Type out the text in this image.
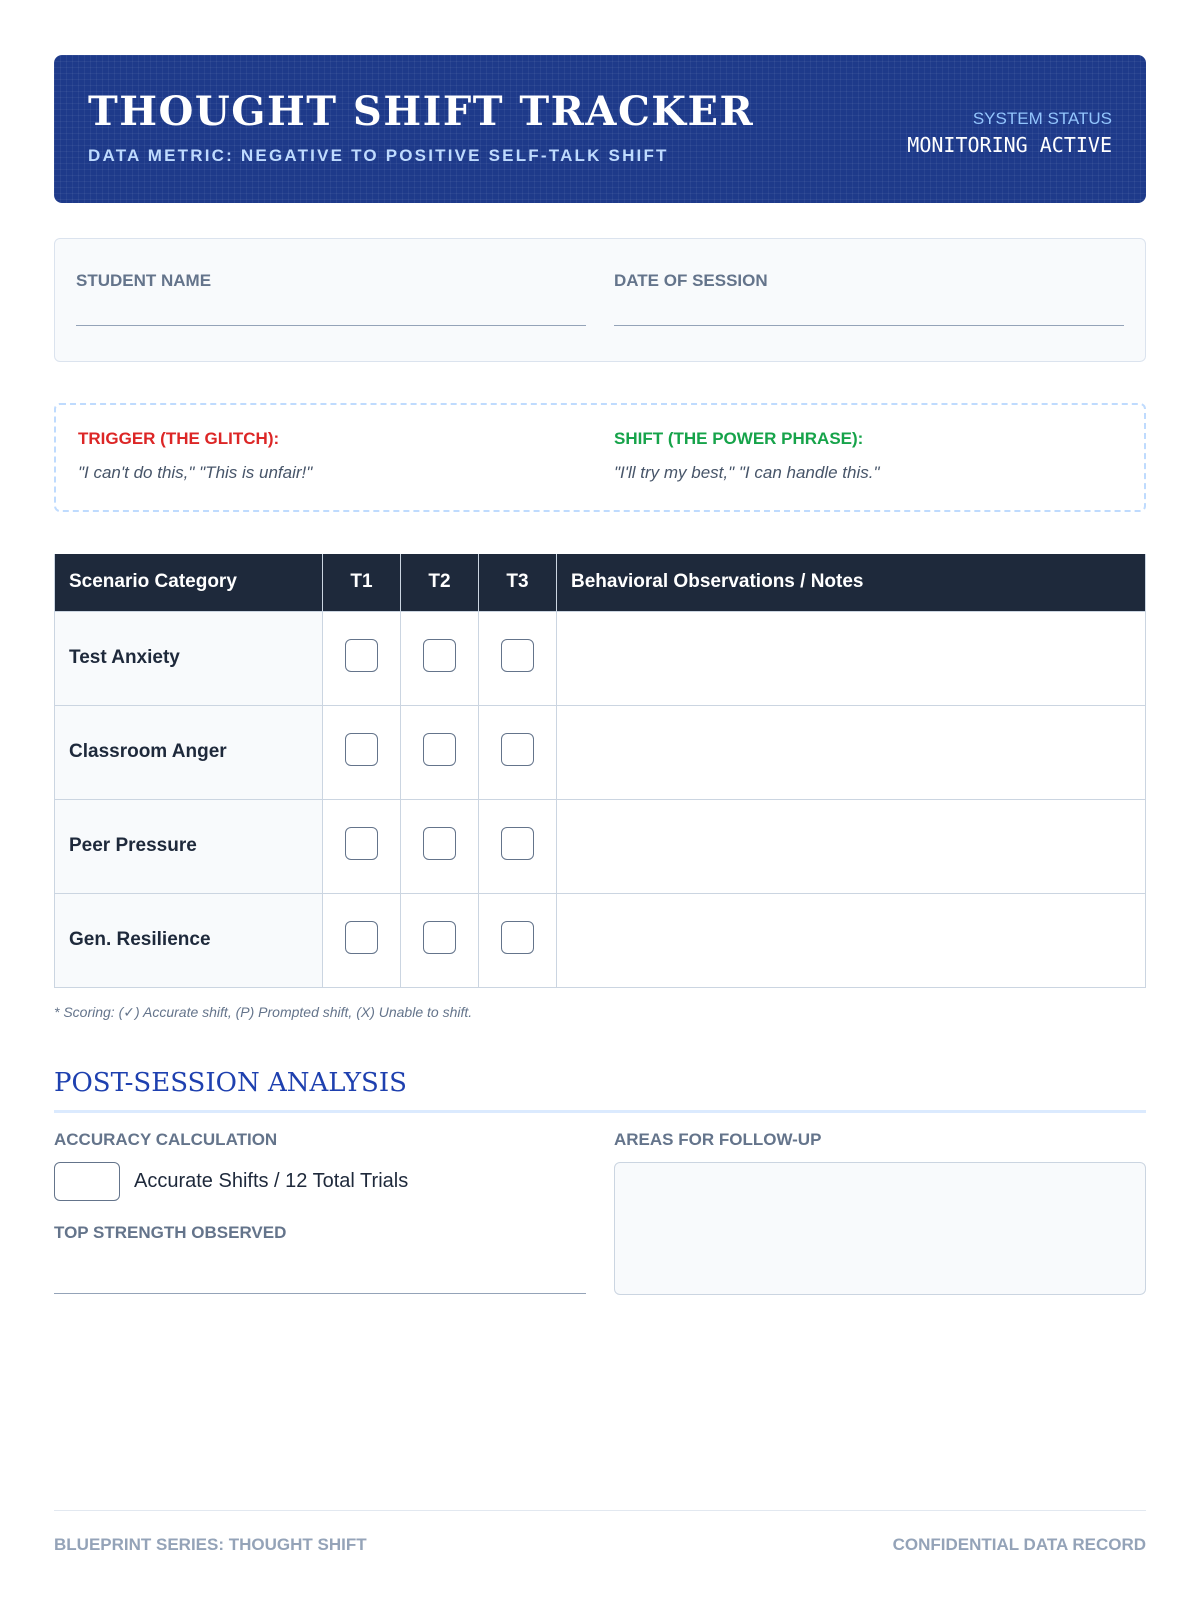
THOUGHT SHIFT TRACKER
DATA METRIC: NEGATIVE TO POSITIVE SELF-TALK SHIFT
SYSTEM STATUS
MONITORING ACTIVE
STUDENT NAME	DATE OF SESSION
TRIGGER (THE GLITCH):
"I can't do this," "This is unfair!"
SHIFT (THE POWER PHRASE):
"I'll try my best," "I can handle this."
Scenario Category	T1	T2	T3	Behavioral Observations / Notes
Test Anxiety				
Classroom Anger				
Peer Pressure				
Gen. Resilience				
* Scoring: (✓) Accurate shift, (P) Prompted shift, (X) Unable to shift.
POST-SESSION ANALYSIS
ACCURACY CALCULATION
Accurate Shifts / 12 Total Trials
TOP STRENGTH OBSERVED
AREAS FOR FOLLOW-UP
BLUEPRINT SERIES: THOUGHT SHIFT	CONFIDENTIAL DATA RECORD
